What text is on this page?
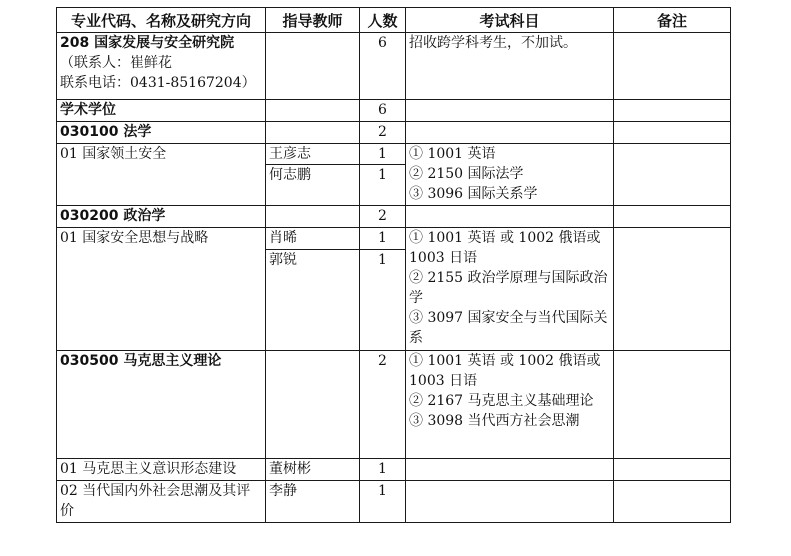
专业代码、名称及研究方向	指导教师	人数	考试科目	备注

208 国家发展与安全研究院
（联系人：崔鲜花
联系电话：0431-85167204）		6	招收跨学科考生，不加试。	
学术学位		6		
030100 法学		2		
01 国家领土安全	王彦志	1	① 1001 英语
② 2150 国际法学
③ 3096 国际关系学	

	何志鹏	1		
030200 政治学		2		
01 国家安全思想与战略	肖晞	1	① 1001 英语 或 1002 俄语或 1003 日语
② 2155 政治学原理与国际政治学
③ 3097 国家安全与当代国际关系	

	郭锐	1		
030500 马克思主义理论		2	① 1001 英语 或 1002 俄语或 1003 日语
② 2167 马克思主义基础理论
③ 3098 当代西方社会思潮	

01 马克思主义意识形态建设	董树彬	1		
02 当代国内外社会思潮及其评价	李静	1		
